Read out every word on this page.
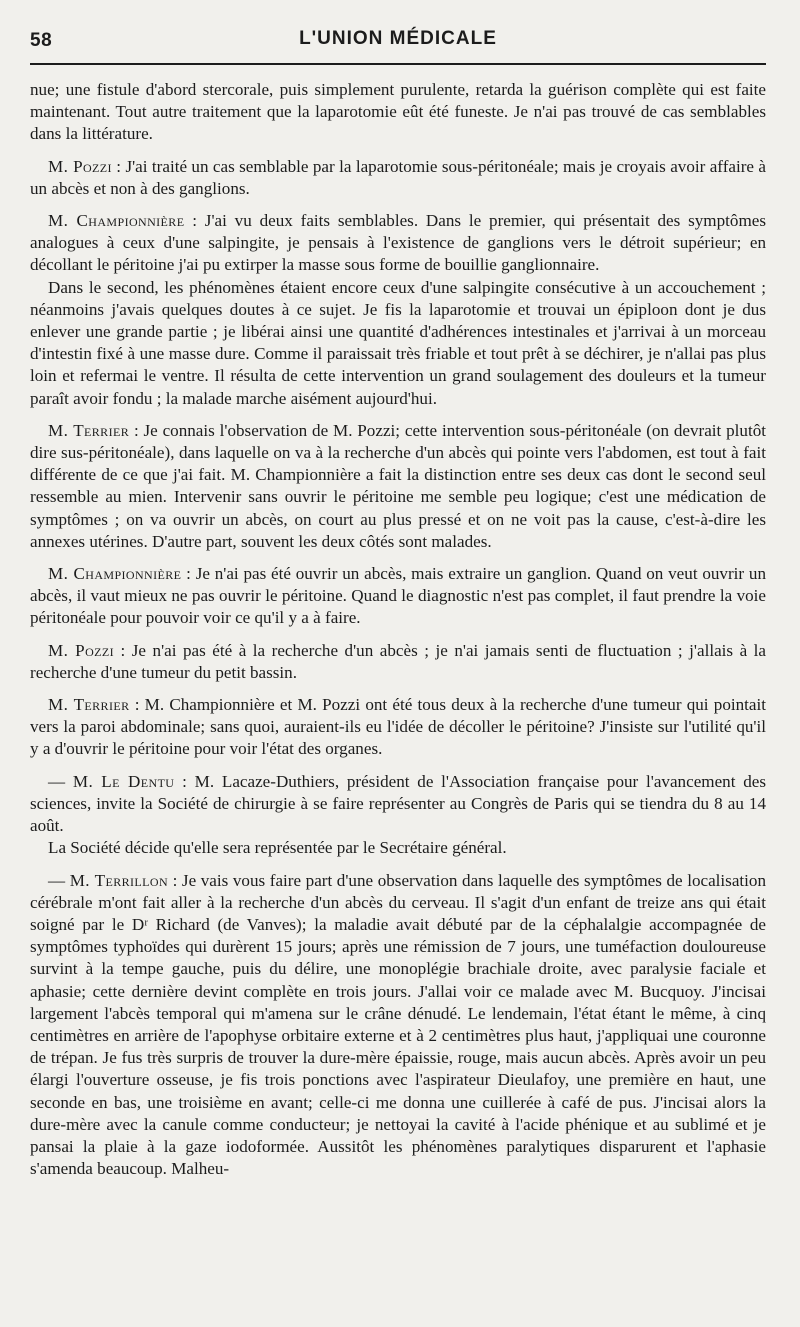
58	L'UNION MÉDICALE

nue; une fistule d'abord stercorale, puis simplement purulente, retarda la guérison complète qui est faite maintenant. Tout autre traitement que la laparotomie eût été funeste. Je n'ai pas trouvé de cas semblables dans la littérature.

M. Pozzi : J'ai traité un cas semblable par la laparotomie sous-péritonéale; mais je croyais avoir affaire à un abcès et non à des ganglions.

M. Championnière : J'ai vu deux faits semblables. Dans le premier, qui présentait des symptômes analogues à ceux d'une salpingite, je pensais à l'existence de ganglions vers le détroit supérieur; en décollant le péritoine j'ai pu extirper la masse sous forme de bouillie ganglionnaire.

Dans le second, les phénomènes étaient encore ceux d'une salpingite consécutive à un accouchement ; néanmoins j'avais quelques doutes à ce sujet. Je fis la laparotomie et trouvai un épiploon dont je dus enlever une grande partie ; je libérai ainsi une quantité d'adhérences intestinales et j'arrivai à un morceau d'intestin fixé à une masse dure. Comme il paraissait très friable et tout prêt à se déchirer, je n'allai pas plus loin et refermai le ventre. Il résulta de cette intervention un grand soulagement des douleurs et la tumeur paraît avoir fondu ; la malade marche aisément aujourd'hui.

M. Terrier : Je connais l'observation de M. Pozzi; cette intervention sous-péritonéale (on devrait plutôt dire sus-péritonéale), dans laquelle on va à la recherche d'un abcès qui pointe vers l'abdomen, est tout à fait différente de ce que j'ai fait. M. Championnière a fait la distinction entre ses deux cas dont le second seul ressemble au mien. Intervenir sans ouvrir le péritoine me semble peu logique; c'est une médication de symptômes ; on va ouvrir un abcès, on court au plus pressé et on ne voit pas la cause, c'est-à-dire les annexes utérines. D'autre part, souvent les deux côtés sont malades.

M. Championnière : Je n'ai pas été ouvrir un abcès, mais extraire un ganglion. Quand on veut ouvrir un abcès, il vaut mieux ne pas ouvrir le péritoine. Quand le diagnostic n'est pas complet, il faut prendre la voie péritonéale pour pouvoir voir ce qu'il y a à faire.

M. Pozzi : Je n'ai pas été à la recherche d'un abcès ; je n'ai jamais senti de fluctuation ; j'allais à la recherche d'une tumeur du petit bassin.

M. Terrier : M. Championnière et M. Pozzi ont été tous deux à la recherche d'une tumeur qui pointait vers la paroi abdominale; sans quoi, auraient-ils eu l'idée de décoller le péritoine? J'insiste sur l'utilité qu'il y a d'ouvrir le péritoine pour voir l'état des organes.

— M. Le Dentu : M. Lacaze-Duthiers, président de l'Association française pour l'avancement des sciences, invite la Société de chirurgie à se faire représenter au Congrès de Paris qui se tiendra du 8 au 14 août.

La Société décide qu'elle sera représentée par le Secrétaire général.

— M. Terrillon : Je vais vous faire part d'une observation dans laquelle des symptômes de localisation cérébrale m'ont fait aller à la recherche d'un abcès du cerveau. Il s'agit d'un enfant de treize ans qui était soigné par le Dʳ Richard (de Vanves); la maladie avait débuté par de la céphalalgie accompagnée de symptômes typhoïdes qui durèrent 15 jours; après une rémission de 7 jours, une tuméfaction douloureuse survint à la tempe gauche, puis du délire, une monoplégie brachiale droite, avec paralysie faciale et aphasie; cette dernière devint complète en trois jours. J'allai voir ce malade avec M. Bucquoy. J'incisai largement l'abcès temporal qui m'amena sur le crâne dénudé. Le lendemain, l'état étant le même, à cinq centimètres en arrière de l'apophyse orbitaire externe et à 2 centimètres plus haut, j'appliquai une couronne de trépan. Je fus très surpris de trouver la dure-mère épaissie, rouge, mais aucun abcès. Après avoir un peu élargi l'ouverture osseuse, je fis trois ponctions avec l'aspirateur Dieulafoy, une première en haut, une seconde en bas, une troisième en avant; celle-ci me donna une cuillerée à café de pus. J'incisai alors la dure-mère avec la canule comme conducteur; je nettoyai la cavité à l'acide phénique et au sublimé et je pansai la plaie à la gaze iodoformée. Aussitôt les phénomènes paralytiques disparurent et l'aphasie s'amenda beaucoup. Malheu-
